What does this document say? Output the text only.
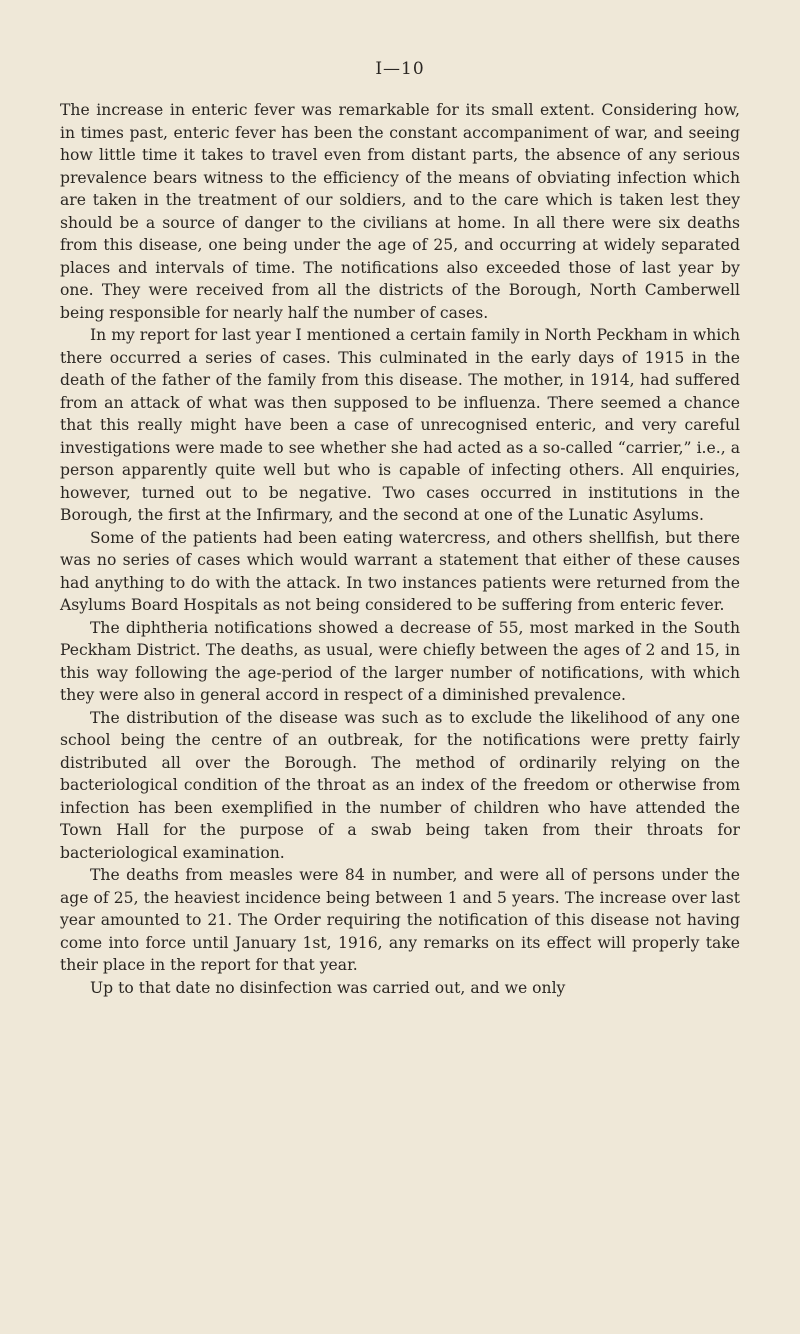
I—10

The increase in enteric fever was remarkable for its small extent. Considering how, in times past, enteric fever has been the constant accompaniment of war, and seeing how little time it takes to travel even from distant parts, the absence of any serious prevalence bears witness to the efficiency of the means of obviating infection which are taken in the treatment of our soldiers, and to the care which is taken lest they should be a source of danger to the civilians at home. In all there were six deaths from this disease, one being under the age of 25, and occurring at widely separated places and intervals of time. The notifications also exceeded those of last year by one. They were received from all the districts of the Borough, North Camberwell being responsible for nearly half the number of cases.

In my report for last year I mentioned a certain family in North Peckham in which there occurred a series of cases. This culminated in the early days of 1915 in the death of the father of the family from this disease. The mother, in 1914, had suffered from an attack of what was then supposed to be influenza. There seemed a chance that this really might have been a case of unrecognised enteric, and very careful investigations were made to see whether she had acted as a so-called “carrier,” i.e., a person apparently quite well but who is capable of infecting others. All enquiries, however, turned out to be negative. Two cases occurred in institutions in the Borough, the first at the Infirmary, and the second at one of the Lunatic Asylums.

Some of the patients had been eating watercress, and others shellfish, but there was no series of cases which would warrant a statement that either of these causes had anything to do with the attack. In two instances patients were returned from the Asylums Board Hospitals as not being considered to be suffering from enteric fever.

The diphtheria notifications showed a decrease of 55, most marked in the South Peckham District. The deaths, as usual, were chiefly between the ages of 2 and 15, in this way following the age-period of the larger number of notifications, with which they were also in general accord in respect of a diminished prevalence.

The distribution of the disease was such as to exclude the likelihood of any one school being the centre of an outbreak, for the notifications were pretty fairly distributed all over the Borough. The method of ordinarily relying on the bacteriological condition of the throat as an index of the freedom or otherwise from infection has been exemplified in the number of children who have attended the Town Hall for the purpose of a swab being taken from their throats for bacteriological examination.

The deaths from measles were 84 in number, and were all of persons under the age of 25, the heaviest incidence being between 1 and 5 years. The increase over last year amounted to 21. The Order requiring the notification of this disease not having come into force until January 1st, 1916, any remarks on its effect will properly take their place in the report for that year.

Up to that date no disinfection was carried out, and we only
